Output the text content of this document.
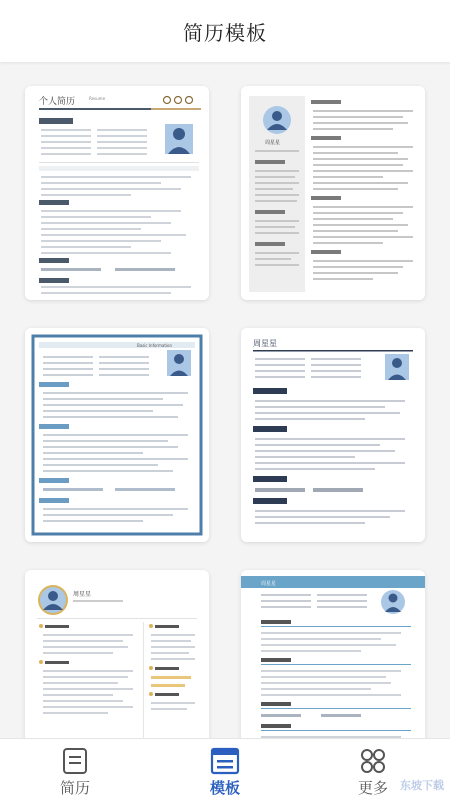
简历模板
个人简历	Resume
周星星
Basic Information	周星星
周星星
周星星
简历	模板	更多 东坡下载
